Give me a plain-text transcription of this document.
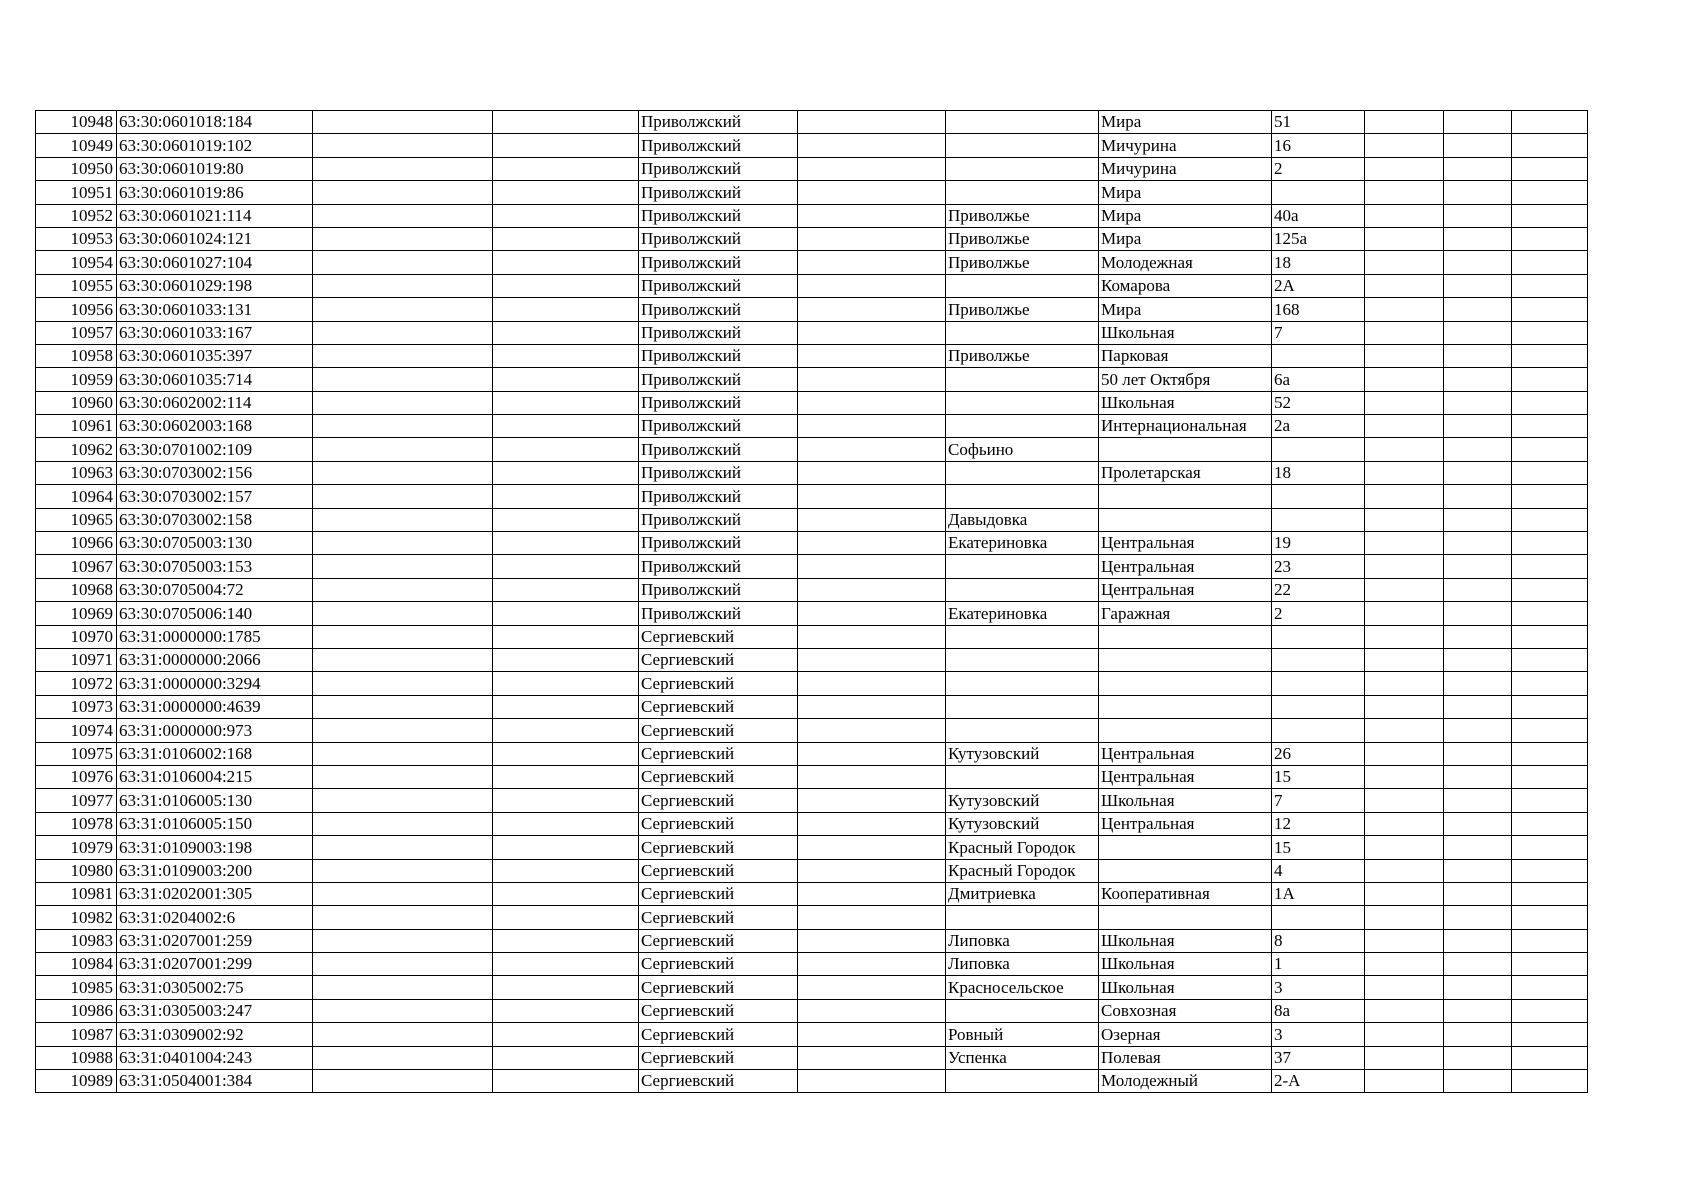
10948	63:30:0601018:184			Приволжский			Мира	51			
10949	63:30:0601019:102			Приволжский			Мичурина	16			
10950	63:30:0601019:80			Приволжский			Мичурина	2			
10951	63:30:0601019:86			Приволжский			Мира				
10952	63:30:0601021:114			Приволжский		Приволжье	Мира	40а			
10953	63:30:0601024:121			Приволжский		Приволжье	Мира	125а			
10954	63:30:0601027:104			Приволжский		Приволжье	Молодежная	18			
10955	63:30:0601029:198			Приволжский			Комарова	2А			
10956	63:30:0601033:131			Приволжский		Приволжье	Мира	168			
10957	63:30:0601033:167			Приволжский			Школьная	7			
10958	63:30:0601035:397			Приволжский		Приволжье	Парковая				
10959	63:30:0601035:714			Приволжский			50 лет Октября	6а			
10960	63:30:0602002:114			Приволжский			Школьная	52			
10961	63:30:0602003:168			Приволжский			Интернациональная	2а			
10962	63:30:0701002:109			Приволжский		Софьино					
10963	63:30:0703002:156			Приволжский			Пролетарская	18			
10964	63:30:0703002:157			Приволжский							
10965	63:30:0703002:158			Приволжский		Давыдовка					
10966	63:30:0705003:130			Приволжский		Екатериновка	Центральная	19			
10967	63:30:0705003:153			Приволжский			Центральная	23			
10968	63:30:0705004:72			Приволжский			Центральная	22			
10969	63:30:0705006:140			Приволжский		Екатериновка	Гаражная	2			
10970	63:31:0000000:1785			Сергиевский							
10971	63:31:0000000:2066			Сергиевский							
10972	63:31:0000000:3294			Сергиевский							
10973	63:31:0000000:4639			Сергиевский							
10974	63:31:0000000:973			Сергиевский							
10975	63:31:0106002:168			Сергиевский		Кутузовский	Центральная	26			
10976	63:31:0106004:215			Сергиевский			Центральная	15			
10977	63:31:0106005:130			Сергиевский		Кутузовский	Школьная	7			
10978	63:31:0106005:150			Сергиевский		Кутузовский	Центральная	12			
10979	63:31:0109003:198			Сергиевский		Красный Городок		15			
10980	63:31:0109003:200			Сергиевский		Красный Городок		4			
10981	63:31:0202001:305			Сергиевский		Дмитриевка	Кооперативная	1А			
10982	63:31:0204002:6			Сергиевский							
10983	63:31:0207001:259			Сергиевский		Липовка	Школьная	8			
10984	63:31:0207001:299			Сергиевский		Липовка	Школьная	1			
10985	63:31:0305002:75			Сергиевский		Красносельское	Школьная	3			
10986	63:31:0305003:247			Сергиевский			Совхозная	8а			
10987	63:31:0309002:92			Сергиевский		Ровный	Озерная	3			
10988	63:31:0401004:243			Сергиевский		Успенка	Полевая	37			
10989	63:31:0504001:384			Сергиевский			Молодежный	2-А			
